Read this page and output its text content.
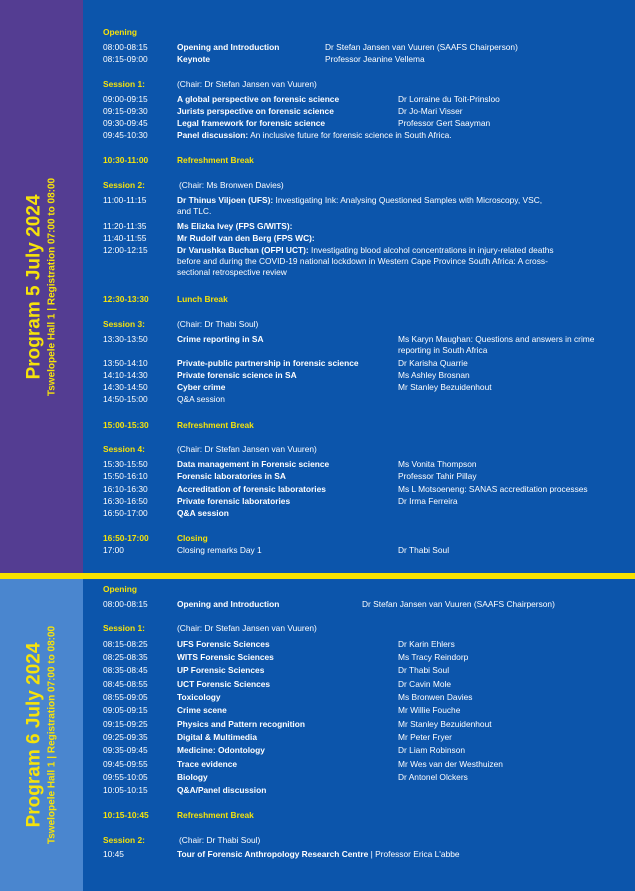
Program 5 July 2024 Tswelopele Hall 1 | Registration 07:00 to 08:00
Opening
08:00-08:15	Opening and Introduction	Dr Stefan Jansen van Vuuren (SAAFS Chairperson)
08:15-09:00	Keynote	Professor Jeanine Vellema
Session 1:	(Chair: Dr Stefan Jansen van Vuuren)
09:00-09:15	A global perspective on forensic science	Dr Lorraine du Toit-Prinsloo
09:15-09:30	Jurists perspective on forensic science	Dr Jo-Mari Visser
09:30-09:45	Legal framework for forensic science	Professor Gert Saayman
09:45-10:30	Panel discussion: An inclusive future for forensic science in South Africa.
10:30-11:00	Refreshment Break
Session 2:	(Chair: Ms Bronwen Davies)
11:00-11:15	Dr Thinus Viljoen (UFS): Investigating Ink: Analysing Questioned Samples with Microscopy, VSC, and TLC.
11:20-11:35	Ms Elizka Ivey (FPS G/WITS):
11:40-11:55	Mr Rudolf van den Berg (FPS WC):
12:00-12:15	Dr Varushka Buchan (OFPI UCT): Investigating blood alcohol concentrations in injury-related deaths before and during the COVID-19 national lockdown in Western Cape Province South Africa: A cross-sectional retrospective review
12:30-13:30	Lunch Break
Session 3:	(Chair: Dr Thabi Soul)
13:30-13:50	Crime reporting in SA	Ms Karyn Maughan: Questions and answers in crime reporting in South Africa
13:50-14:10	Private-public partnership in forensic science	Dr Karisha Quarrie
14:10-14:30	Private forensic science in SA	Ms Ashley Brosnan
14:30-14:50	Cyber crime	Mr Stanley Bezuidenhout
14:50-15:00	Q&A session
15:00-15:30	Refreshment Break
Session 4:	(Chair: Dr Stefan Jansen van Vuuren)
15:30-15:50	Data management in Forensic science	Ms Vonita Thompson
15:50-16:10	Forensic laboratories in SA	Professor Tahir Pillay
16:10-16:30	Accreditation of forensic laboratories	Ms L Motsoeneng: SANAS accreditation processes
16:30-16:50	Private forensic laboratories	Dr Irma Ferreira
16:50-17:00	Q&A session
16:50-17:00	Closing
17:00	Closing remarks Day 1	Dr Thabi Soul
Program 6 July 2024 Tswelopele Hall 1 | Registration 07:00 to 08:00
Opening
08:00-08:15	Opening and Introduction	Dr Stefan Jansen van Vuuren (SAAFS Chairperson)
Session 1:	(Chair: Dr Stefan Jansen van Vuuren)
08:15-08:25	UFS Forensic Sciences	Dr Karin Ehlers
08:25-08:35	WITS Forensic Sciences	Ms Tracy Reindorp
08:35-08:45	UP Forensic Sciences	Dr Thabi Soul
08:45-08:55	UCT Forensic Sciences	Dr Cavin Mole
08:55-09:05	Toxicology	Ms Bronwen Davies
09:05-09:15	Crime scene	Mr Willie Fouche
09:15-09:25	Physics and Pattern recognition	Mr Stanley Bezuidenhout
09:25-09:35	Digital & Multimedia	Mr Peter Fryer
09:35-09:45	Medicine: Odontology	Dr Liam Robinson
09:45-09:55	Trace evidence	Mr Wes van der Westhuizen
09:55-10:05	Biology	Dr Antonel Olckers
10:05-10:15	Q&A/Panel discussion
10:15-10:45	Refreshment Break
Session 2:	(Chair: Dr Thabi Soul)
10:45	Tour of Forensic Anthropology Research Centre | Professor Erica L'abbe
